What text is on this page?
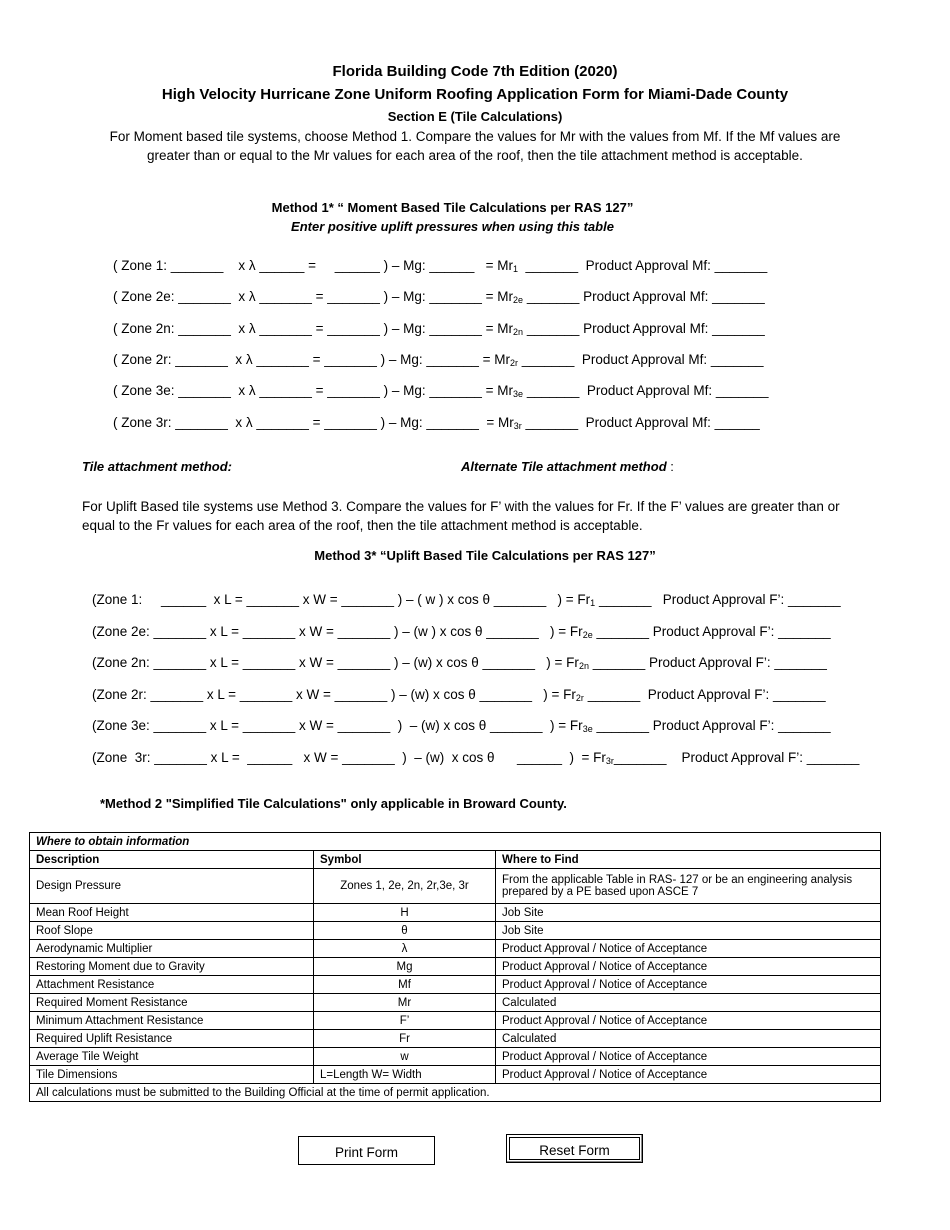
Florida Building Code 7th Edition (2020)
High Velocity Hurricane Zone Uniform Roofing Application Form for Miami-Dade County
Section E (Tile Calculations)
For Moment based tile systems, choose Method 1. Compare the values for Mr with the values from Mf. If the Mf values are
greater than or equal to the Mr values for each area of the roof, then the tile attachment method is acceptable.
Method 1* “ Moment Based Tile Calculations per RAS 127”
Enter positive uplift pressures when using this table
( Zone 1: _______    x λ ______ =     ______ ) – Mg: ______   = $Mr_1$  _______  Product Approval Mf: _______
( Zone 2e: _______  x λ _______ = _______ ) – Mg: _______ = $Mr_{2e}$ _______ Product Approval Mf: _______
( Zone 2n: _______  x λ _______ = _______ ) – Mg: _______ = $Mr_{2n}$ _______ Product Approval Mf: _______
( Zone 2r: _______  x λ _______ = _______ ) – Mg: _______ = $Mr_{2r}$ _______  Product Approval Mf: _______
( Zone 3e: _______  x λ _______ = _______ ) – Mg: _______ = $Mr_{3e}$ _______  Product Approval Mf: _______
( Zone 3r: _______  x λ _______ = _______ ) – Mg: _______  = $Mr_{3r}$ _______  Product Approval Mf: ______
Tile attachment method:	Alternate Tile attachment method :
For Uplift Based tile systems use Method 3. Compare the values for F’ with the values for Fr. If the F’ values are greater than or
equal to the Fr values for each area of the roof, then the tile attachment method is acceptable.
Method 3* “Uplift Based Tile Calculations per RAS 127”
(Zone 1:     ______  x L = _______ x W = _______ ) – ( w ) x cos θ _______   ) = $Fr_1$ _______   Product Approval F’: _______
(Zone 2e: _______ x L = _______ x W = _______ ) – (w ) x cos θ _______   ) = $Fr_{2e}$ _______ Product Approval F’: _______
(Zone 2n: _______ x L = _______ x W = _______ ) – (w) x cos θ _______   ) = $Fr_{2n}$ _______ Product Approval F’: _______
(Zone 2r: _______ x L = _______ x W = _______ ) – (w) x cos θ _______   ) = $Fr_{2r}$ _______  Product Approval F’: _______
(Zone 3e: _______ x L = _______ x W = _______  )  – (w) x cos θ _______  ) = $Fr_{3e}$ _______ Product Approval F’: _______
(Zone  3r: _______ x L =  ______   x W = _______  )  – (w)  x cos θ      ______  )  = $Fr_{3r}\_\_\_\_\_\_\_$    Product Approval F’: _______
*Method 2 "Simplified Tile Calculations" only applicable in Broward County.
Where to obtain information		
Description	Symbol	Where to Find
Design Pressure	Zones 1, 2e, 2n, 2r,3e, 3r	From the applicable Table in RAS- 127 or be an engineering analysis prepared by a PE based upon ASCE 7
Mean Roof Height	H	Job Site
Roof Slope	θ	Job Site
Aerodynamic Multiplier	λ	Product Approval / Notice of Acceptance
Restoring Moment due to Gravity	Mg	Product Approval / Notice of Acceptance
Attachment Resistance	Mf	Product Approval / Notice of Acceptance
Required Moment Resistance	Mr	Calculated
Minimum Attachment Resistance	F’	Product Approval / Notice of Acceptance
Required Uplift Resistance	Fr	Calculated
Average Tile Weight	w	Product Approval / Notice of Acceptance
Tile Dimensions	L=Length W= Width	Product Approval / Notice of Acceptance
All calculations must be submitted to the Building Official at the time of permit application.		
Print Form	Reset Form
